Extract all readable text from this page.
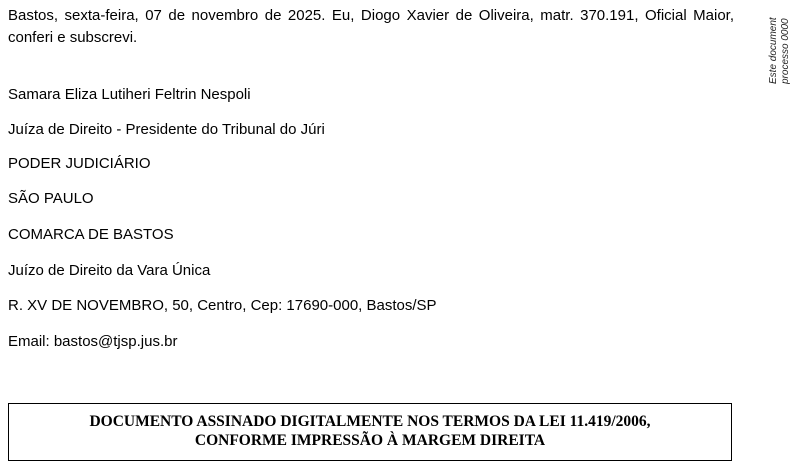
Bastos, sexta-feira, 07 de novembro de 2025. Eu, Diogo Xavier de Oliveira, matr. 370.191, Oficial Maior, conferi e subscrevi.	Este document processo 0000

Samara Eliza Lutiheri Feltrin Nespoli

Juíza de Direito - Presidente do Tribunal do Júri

PODER JUDICIÁRIO

SÃO PAULO

COMARCA DE BASTOS

Juízo de Direito da Vara Única

R. XV DE NOVEMBRO, 50, Centro, Cep: 17690-000, Bastos/SP

Email: bastos@tjsp.jus.br

DOCUMENTO ASSINADO DIGITALMENTE NOS TERMOS DA LEI 11.419/2006,
CONFORME IMPRESSÃO À MARGEM DIREITA
